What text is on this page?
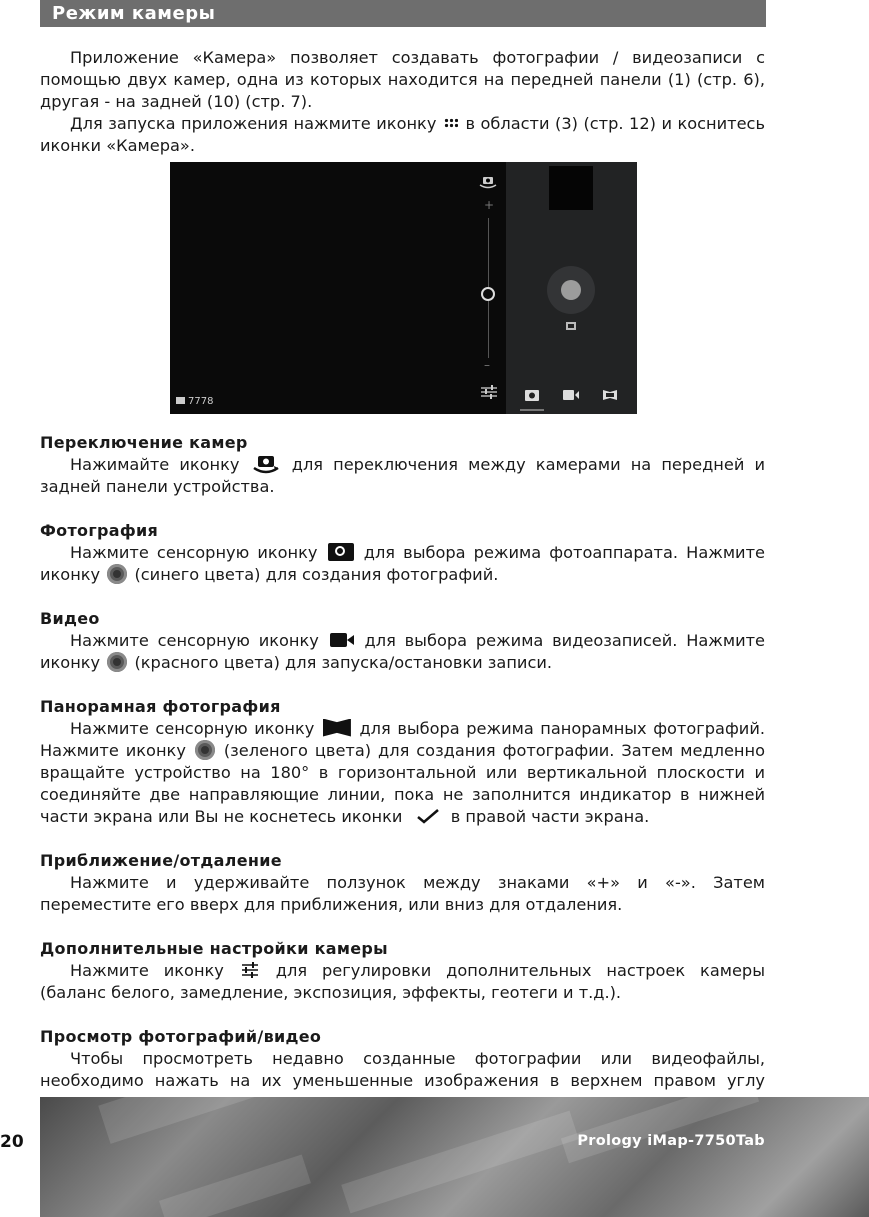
Режим камеры

Приложение «Камера» позволяет создавать фотографии / видеозаписи с помощью двух камер, одна из которых находится на передней панели (1) (стр. 6), другая - на задней (10) (стр. 7).

Для запуска приложения нажмите иконку в области (3) (стр. 12) и коснитесь иконки «Камера».

Переключение камер

Нажимайте иконку	для переключения между камерами на передней и задней панели устройства.

Фотография

Нажмите сенсорную иконку	для выбора режима фотоаппарата. Нажмите иконку (синего цвета) для создания фотографий.

Видео

Нажмите сенсорную иконку	для выбора режима видеозаписей. Нажмите иконку (красного цвета) для запуска/остановки записи.

Панорамная фотография

Нажмите сенсорную иконку	для выбора режима панорамных фотографий. Нажмите иконку (зеленого цвета) для создания фотографии. Затем медленно вращайте устройство на 180° в горизонтальной или вертикальной плоскости и соединяйте две направляющие линии, пока не заполнится индикатор в нижней части экрана или Вы не коснетесь иконки	в правой части экрана.

Приближение/отдаление

Нажмите и удерживайте ползунок между знаками «+» и «-». Затем переместите его вверх для приближения, или вниз для отдаления.

Дополнительные настройки камеры

Нажмите иконку	для регулировки дополнительных настроек камеры (баланс белого, замедление, экспозиция, эффекты, геотеги и т.д.).

Просмотр фотографий/видео

Чтобы просмотреть недавно созданные фотографии или видеофайлы, необходимо нажать на их уменьшенные изображения в верхнем правом углу

+
–
7778
20	Prology iMap-7750Tab
